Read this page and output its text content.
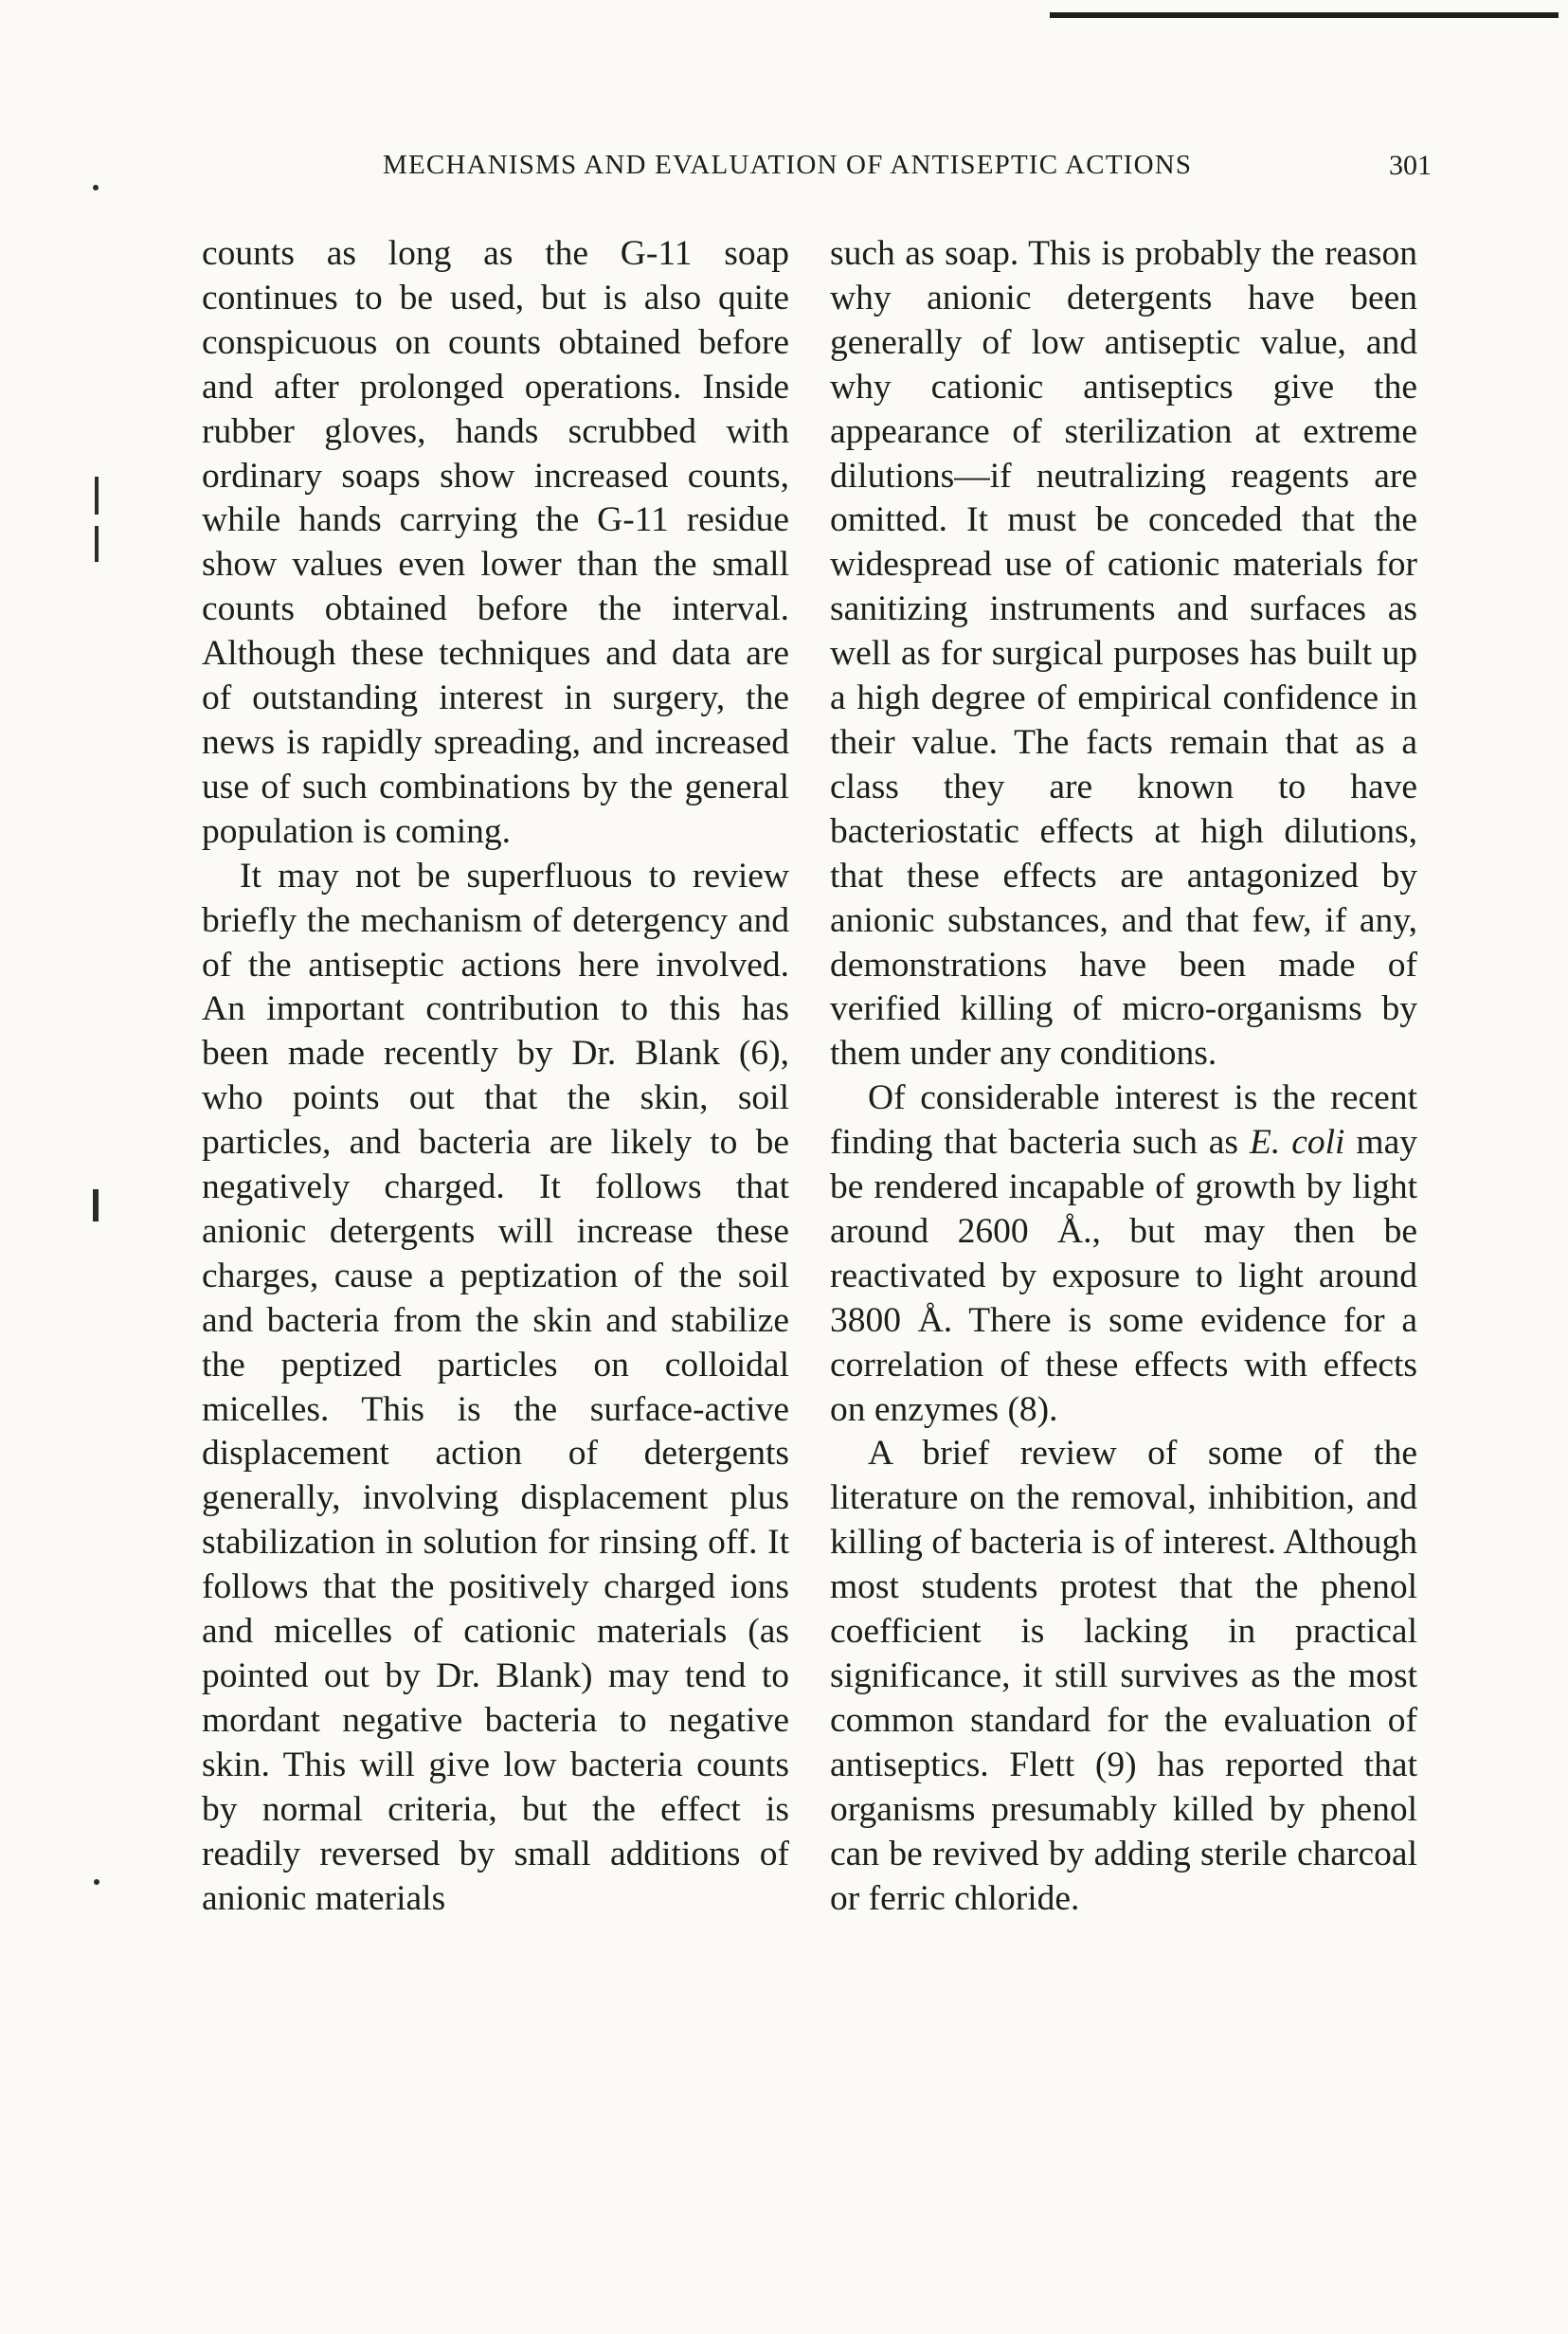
MECHANISMS AND EVALUATION OF ANTISEPTIC ACTIONS	301

counts as long as the G-11 soap continues to be used, but is also quite conspicuous on counts obtained before and after prolonged operations. Inside rubber gloves, hands scrubbed with ordinary soaps show increased counts, while hands carrying the G-11 residue show values even lower than the small counts obtained before the interval. Although these techniques and data are of outstanding interest in surgery, the news is rapidly spreading, and increased use of such combinations by the general population is coming.

It may not be superfluous to review briefly the mechanism of detergency and of the antiseptic actions here involved. An important contribution to this has been made recently by Dr. Blank (6), who points out that the skin, soil particles, and bacteria are likely to be negatively charged. It follows that anionic detergents will increase these charges, cause a peptization of the soil and bacteria from the skin and stabilize the peptized particles on colloidal micelles. This is the surface-active displacement action of detergents generally, involving displacement plus stabilization in solution for rinsing off. It follows that the positively charged ions and micelles of cationic materials (as pointed out by Dr. Blank) may tend to mordant negative bacteria to negative skin. This will give low bacteria counts by normal criteria, but the effect is readily reversed by small additions of anionic materials

such as soap. This is probably the reason why anionic detergents have been generally of low antiseptic value, and why cationic antiseptics give the appearance of sterilization at extreme dilutions—if neutralizing reagents are omitted. It must be conceded that the widespread use of cationic materials for sanitizing instruments and surfaces as well as for surgical purposes has built up a high degree of empirical confidence in their value. The facts remain that as a class they are known to have bacteriostatic effects at high dilutions, that these effects are antagonized by anionic substances, and that few, if any, demonstrations have been made of verified killing of micro-organisms by them under any conditions.

Of considerable interest is the recent finding that bacteria such as E. coli may be rendered incapable of growth by light around 2600 Å., but may then be reactivated by exposure to light around 3800 Å. There is some evidence for a correlation of these effects with effects on enzymes (8).

A brief review of some of the literature on the removal, inhibition, and killing of bacteria is of interest. Although most students protest that the phenol coefficient is lacking in practical significance, it still survives as the most common standard for the evaluation of antiseptics. Flett (9) has reported that organisms presumably killed by phenol can be revived by adding sterile charcoal or ferric chloride.
